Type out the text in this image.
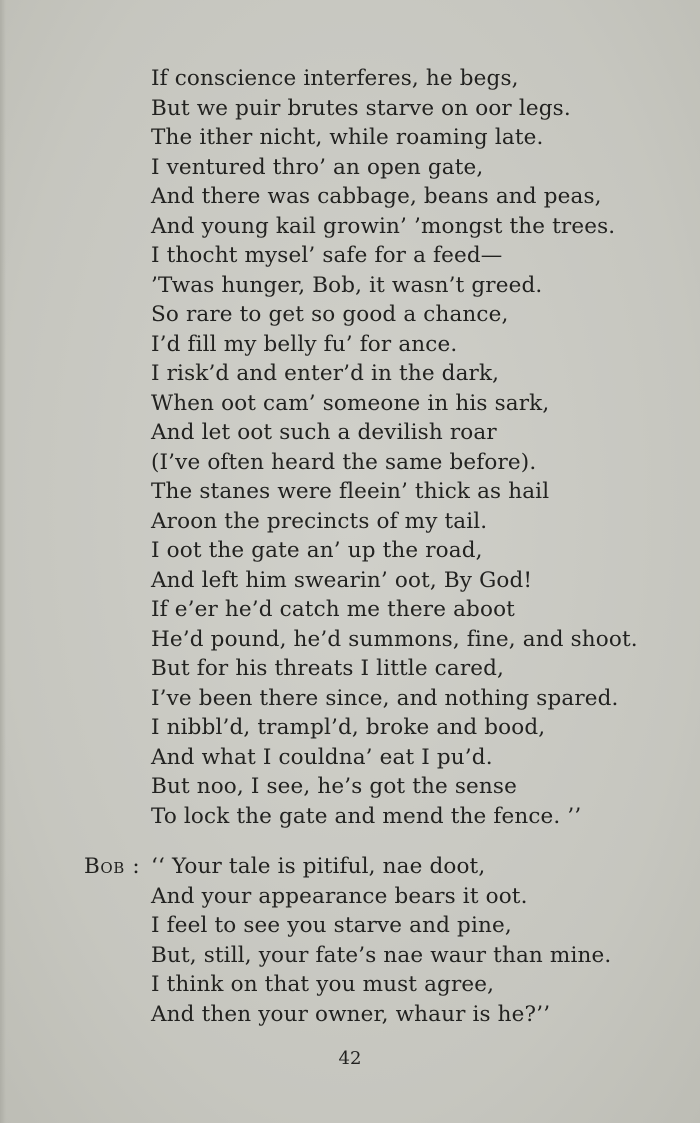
If conscience interferes, he begs,
But we puir brutes starve on oor legs.
The ither nicht, while roaming late.
I ventured thro’ an open gate,
And there was cabbage, beans and peas,
And young kail growin’ ’mongst the trees.
I thocht mysel’ safe for a feed—
’Twas hunger, Bob, it wasn’t greed.
So rare to get so good a chance,
I’d fill my belly fu’ for ance.
I risk’d and enter’d in the dark,
When oot cam’ someone in his sark,
And let oot such a devilish roar
(I’ve often heard the same before).
The stanes were fleein’ thick as hail
Aroon the precincts of my tail.
I oot the gate an’ up the road,
And left him swearin’ oot, By God!
If e’er he’d catch me there aboot
He’d pound, he’d summons, fine, and shoot.
But for his threats I little cared,
I’ve been there since, and nothing spared.
I nibbl’d, trampl’d, broke and bood,
And what I couldna’ eat I pu’d.
But noo, I see, he’s got the sense
To lock the gate and mend the fence. ’’
Bob : ‘‘ Your tale is pitiful, nae doot,
And your appearance bears it oot.
I feel to see you starve and pine,
But, still, your fate’s nae waur than mine.
I think on that you must agree,
And then your owner, whaur is he?’’
42
